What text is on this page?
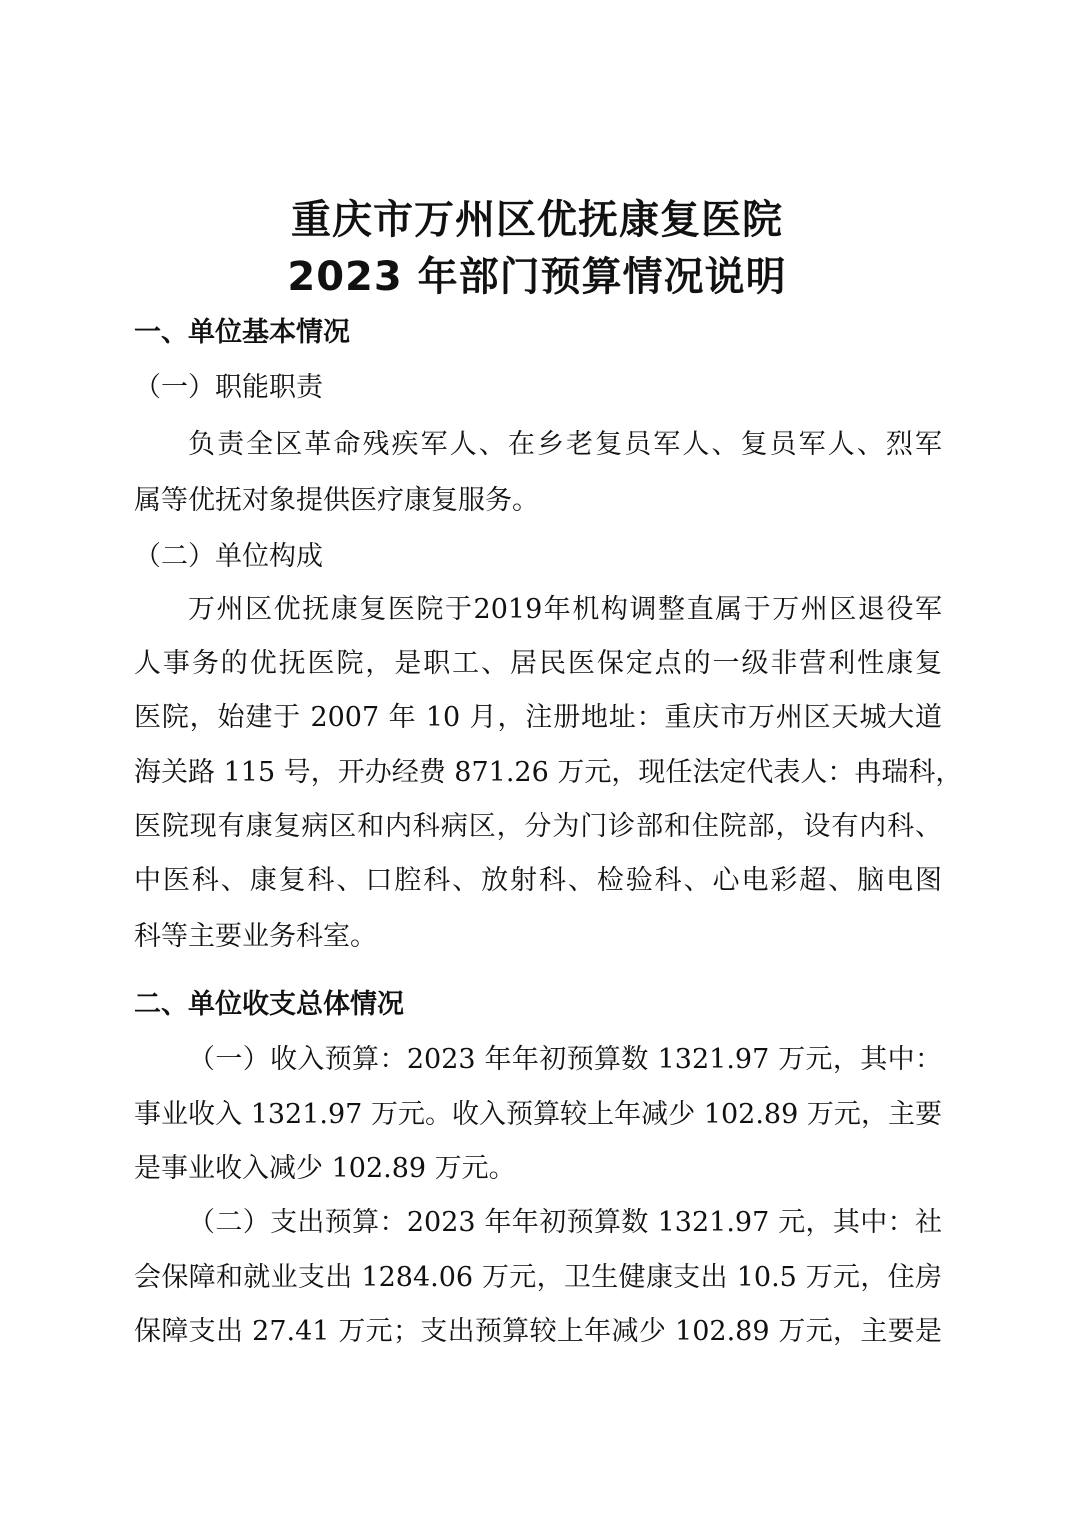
重庆市万州区优抚康复医院
2023 年部门预算情况说明
一、单位基本情况
（一）职能职责
负责全区革命残疾军人、在乡老复员军人、复员军人、烈军
属等优抚对象提供医疗康复服务。
（二）单位构成
万州区优抚康复医院于2019年机构调整直属于万州区退役军
人事务的优抚医院，是职工、居民医保定点的一级非营利性康复
医院，始建于 2007 年 10 月，注册地址：重庆市万州区天城大道
海关路 115 号，开办经费 871.26 万元，现任法定代表人：冉瑞科，
医院现有康复病区和内科病区，分为门诊部和住院部，设有内科、
中医科、康复科、口腔科、放射科、检验科、心电彩超、脑电图
科等主要业务科室。
二、单位收支总体情况
（一）收入预算：2023 年年初预算数 1321.97 万元，其中：
事业收入 1321.97 万元。收入预算较上年减少 102.89 万元，主要
是事业收入减少 102.89 万元。
（二）支出预算：2023 年年初预算数 1321.97 元，其中：社
会保障和就业支出 1284.06 万元，卫生健康支出 10.5 万元，住房
保障支出 27.41 万元；支出预算较上年减少 102.89 万元，主要是
